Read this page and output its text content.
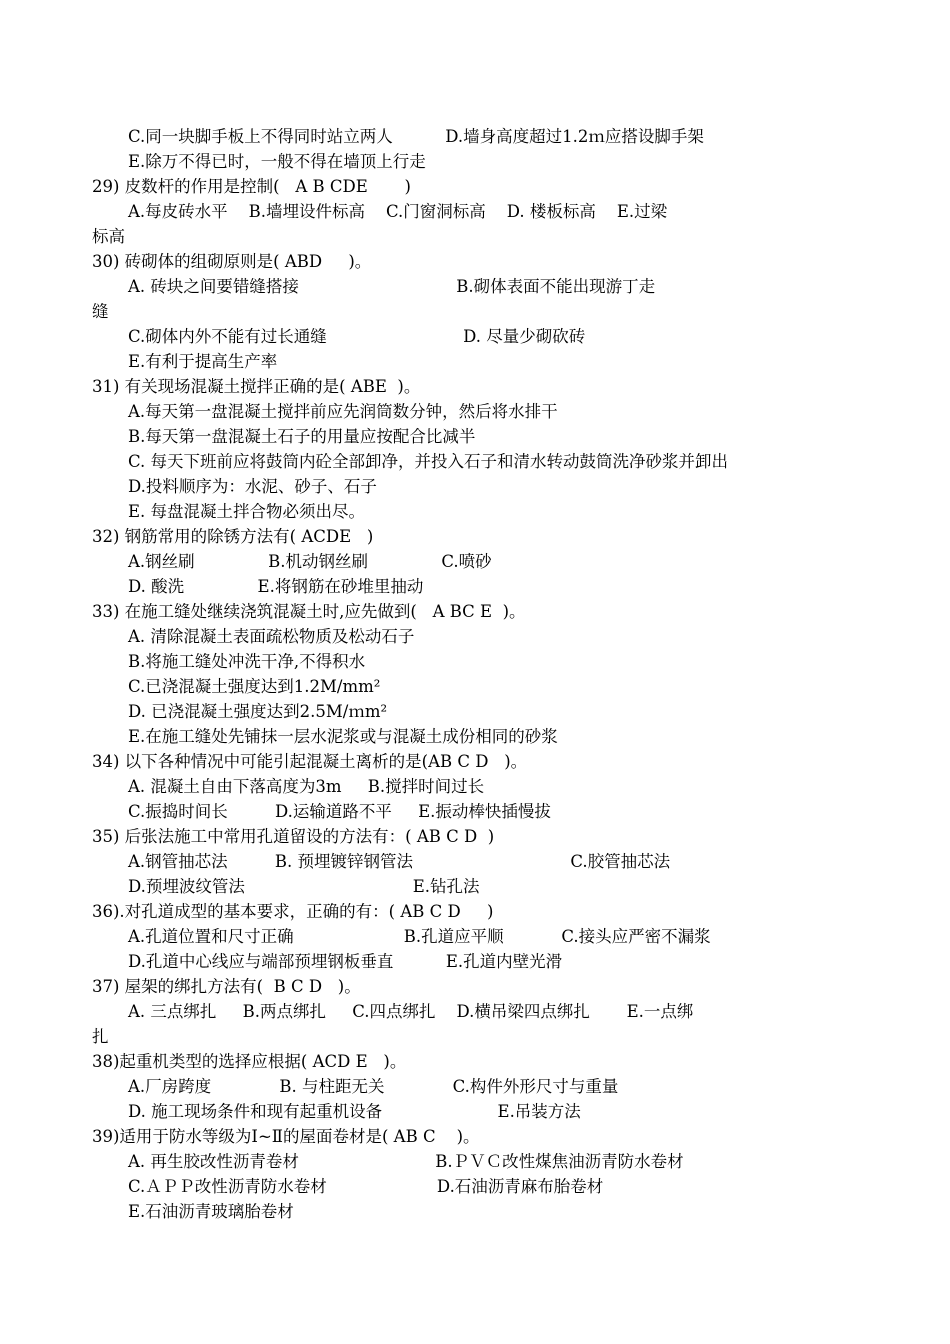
C.同一块脚手板上不得同时站立两人          D.墙身高度超过1.2ｍ应搭设脚手架
E.除万不得已时，一般不得在墙顶上行走
29) 皮数杆的作用是控制(   A B CDE       )
A.每皮砖水平    B.墙埋设件标高    C.门窗洞标高    D. 楼板标高    E.过梁
标高
30) 砖砌体的组砌原则是( ABD     )。
A. 砖块之间要错缝搭接                              B.砌体表面不能出现游丁走
缝
C.砌体内外不能有过长通缝                          D. 尽量少砌砍砖
E.有利于提高生产率
31) 有关现场混凝土搅拌正确的是( ABE  )。
A.每天第一盘混凝土搅拌前应先润筒数分钟，然后将水排干
B.每天第一盘混凝土石子的用量应按配合比减半
C. 每天下班前应将鼓筒内砼全部卸净，并投入石子和清水转动鼓筒洗净砂浆并卸出
D.投料顺序为：水泥、砂子、石子
E. 每盘混凝土拌合物必须出尽。
32) 钢筋常用的除锈方法有( ACDE   )
A.钢丝刷              B.机动钢丝刷              C.喷砂
D. 酸洗              E.将钢筋在砂堆里抽动
33) 在施工缝处继续浇筑混凝土时,应先做到(   A BC E  )。
A. 清除混凝土表面疏松物质及松动石子
B.将施工缝处冲洗干净,不得积水
C.已浇混凝土强度达到1.2M/mm²
D. 已浇混凝土强度达到2.5M/ｍm²
E.在施工缝处先铺抹一层水泥浆或与混凝土成份相同的砂浆
34) 以下各种情况中可能引起混凝土离析的是(AB C D   )。
A. 混凝土自由下落高度为3m     B.搅拌时间过长
C.振捣时间长         D.运输道路不平     E.振动棒快插慢拔
35) 后张法施工中常用孔道留设的方法有：( AB C D  )
A.钢管抽芯法         B. 预埋镀锌钢管法                              C.胶管抽芯法
D.预埋波纹管法                                E.钻孔法
36).对孔道成型的基本要求，正确的有：( AB C D     )
A.孔道位置和尺寸正确                     B.孔道应平顺           C.接头应严密不漏浆
D.孔道中心线应与端部预埋钢板垂直          E.孔道内壁光滑
37) 屋架的绑扎方法有(  B C D   )。
A. 三点绑扎     B.两点绑扎     C.四点绑扎    D.横吊梁四点绑扎       E.一点绑
扎
38)起重机类型的选择应根据( ACD E   )。
A.厂房跨度             B. 与柱距无关             C.构件外形尺寸与重量
D. 施工现场条件和现有起重机设备                      E.吊装方法
39)适用于防水等级为Ⅰ~Ⅱ的屋面卷材是( AB C    )。
A. 再生胶改性沥青卷材                          B.ＰＶＣ改性煤焦油沥青防水卷材
C.ＡＰＰ改性沥青防水卷材                     D.石油沥青麻布胎卷材
E.石油沥青玻璃胎卷材
